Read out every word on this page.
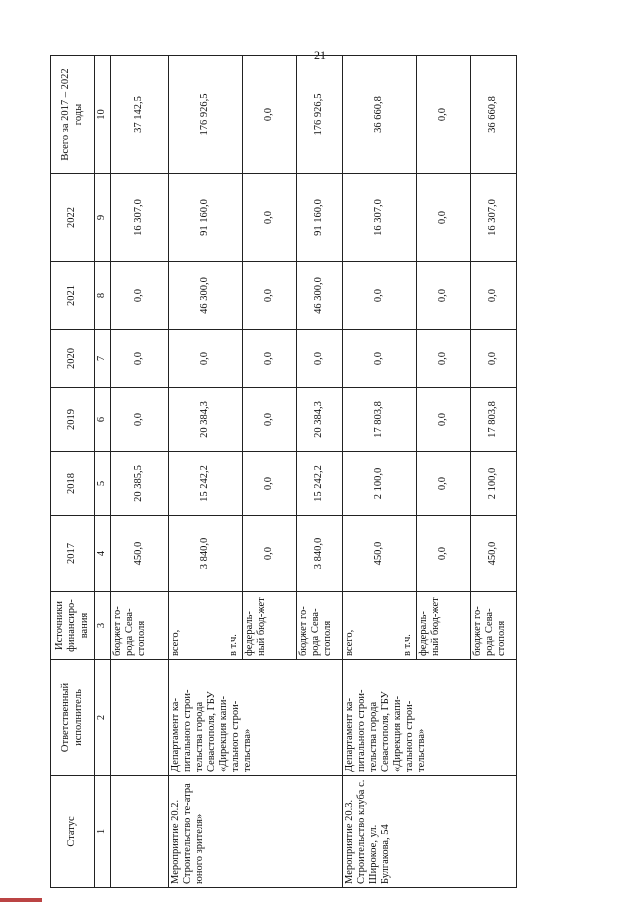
21
Статус	Ответственный исполнитель	Источники финансиро-вания	2017	2018	2019	2020	2021	2022	Всего за 2017 – 2022 годы

1	2	3	4	5	6	7	8	9	10
		бюджет го-рода Сева-стополя	450,0	20 385,5	0,0	0,0	0,0	16 307,0	37 142,5
Мероприятие 20.2. Строительство те-атра юного зрителя»	Департамент ка-питального строи-тельства города Севастополя, ГБУ «Дирекция капи-тального строи-тельства»	всего, в т.ч.	3 840,0	15 242,2	20 384,3	0,0	46 300,0	91 160,0	176 926,5
		федераль-ный бюд-жет	0,0	0,0	0,0	0,0	0,0	0,0	0,0
		бюджет го-рода Сева-стополя	3 840,0	15 242,2	20 384,3	0,0	46 300,0	91 160,0	176 926,5
Мероприятие 20.3. Строительство клуба с. Широкое, ул. Булгакова, 54	Департамент ка-питального строи-тельства города Севастополя, ГБУ «Дирекция капи-тального строи-тельства»	всего, в т.ч.	450,0	2 100,0	17 803,8	0,0	0,0	16 307,0	36 660,8
		федераль-ный бюд-жет	0,0	0,0	0,0	0,0	0,0	0,0	0,0
		бюджет го-рода Сева-стополя	450,0	2 100,0	17 803,8	0,0	0,0	16 307,0	36 660,8
